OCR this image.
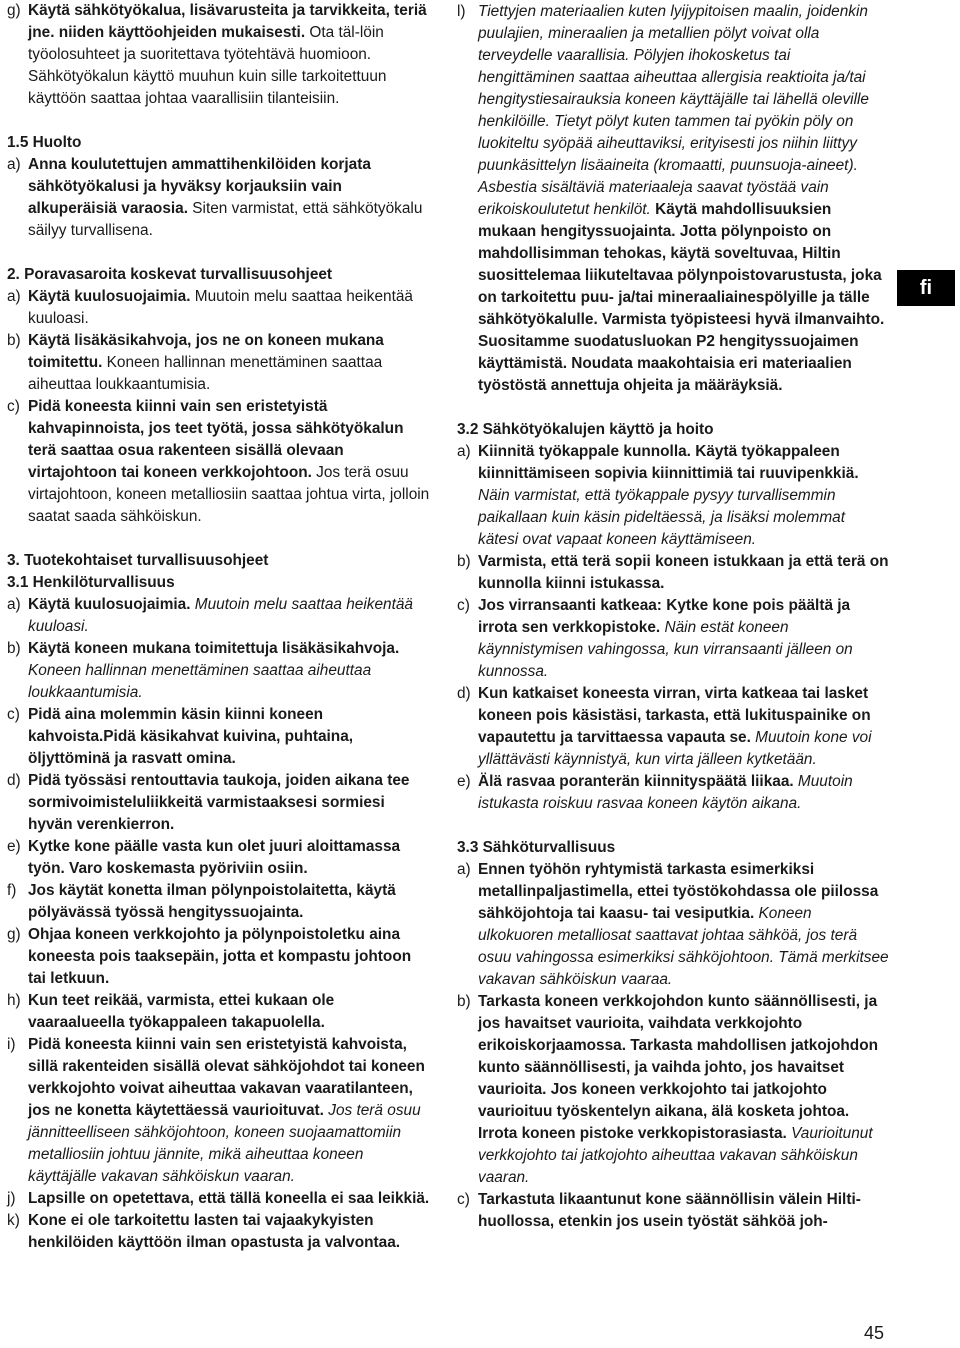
g) Käytä sähkötyökalua, lisävarusteita ja tarvikkeita, teriä jne. niiden käyttöohjeiden mukaisesti. Ota täl-löin työolosuhteet ja suoritettava työtehtävä huomioon. Sähkötyökalun käyttö muuhun kuin sille tarkoitettuun käyttöön saattaa johtaa vaarallisiin tilanteisiin.

1.5 Huolto

a) Anna koulutettujen ammattihenkilöiden korjata sähkötyökalusi ja hyväksy korjauksiin vain alkuperäisiä varaosia. Siten varmistat, että sähkötyökalu säilyy turvallisena.

2. Poravasaroita koskevat turvallisuusohjeet

a) Käytä kuulosuojaimia. Muutoin melu saattaa heikentää kuuloasi.
b) Käytä lisäkäsikahvoja, jos ne on koneen mukana toimitettu. Koneen hallinnan menettäminen saattaa aiheuttaa loukkaantumisia.
c) Pidä koneesta kiinni vain sen eristetyistä kahvapinnoista, jos teet työtä, jossa sähkötyökalun terä saattaa osua rakenteen sisällä olevaan virtajohtoon tai koneen verkkojohtoon. Jos terä osuu virtajohtoon, koneen metalliosiin saattaa johtua virta, jolloin saatat saada sähköiskun.

3. Tuotekohtaiset turvallisuusohjeet

3.1 Henkilöturvallisuus

a) Käytä kuulosuojaimia. Muutoin melu saattaa heikentää kuuloasi.
b) Käytä koneen mukana toimitettuja lisäkäsikahvoja. Koneen hallinnan menettäminen saattaa aiheuttaa loukkaantumisia.
c) Pidä aina molemmin käsin kiinni koneen kahvoista.Pidä käsikahvat kuivina, puhtaina, öljyttöminä ja rasvatt omina.
d) Pidä työssäsi rentouttavia taukoja, joiden aikana tee sormivoimisteluliikkeitä varmistaaksesi sormiesi hyvän verenkierron.
e) Kytke kone päälle vasta kun olet juuri aloittamassa työn. Varo koskemasta pyöriviin osiin.
f) Jos käytät konetta ilman pölynpoistolaitetta, käytä pölyävässä työssä hengityssuojainta.
g) Ohjaa koneen verkkojohto ja pölynpoistoletku aina koneesta pois taaksepäin, jotta et kompastu johtoon tai letkuun.
h) Kun teet reikää, varmista, ettei kukaan ole vaaraalueella työkappaleen takapuolella.
i) Pidä koneesta kiinni vain sen eristetyistä kahvoista, sillä rakenteiden sisällä olevat sähköjohdot tai koneen verkkojohto voivat aiheuttaa vakavan vaaratilanteen, jos ne konetta käytettäessä vaurioituvat. Jos terä osuu jännitteelliseen sähköjohtoon, koneen suojaamattomiin metalliosiin johtuu jännite, mikä aiheuttaa koneen käyttäjälle vakavan sähköiskun vaaran.
j) Lapsille on opetettava, että tällä koneella ei saa leikkiä.
k) Kone ei ole tarkoitettu lasten tai vajaakykyisten henkilöiden käyttöön ilman opastusta ja valvontaa.
l) Tiettyjen materiaalien kuten lyijypitoisen maalin, joidenkin puulajien, mineraalien ja metallien pölyt voivat olla terveydelle vaarallisia. Pölyjen ihokosketus tai hengittäminen saattaa aiheuttaa allergisia reaktioita ja/tai hengitystiesairauksia koneen käyttäjälle tai lähellä oleville henkilöille. Tietyt pölyt kuten tammen tai pyökin pöly on luokiteltu syöpää aiheuttaviksi, erityisesti jos niihin liittyy puunkäsittelyn lisäaineita (kromaatti, puunsuoja-aineet). Asbestia sisältäviä materiaaleja saavat työstää vain erikoiskoulutetut henkilöt. Käytä mahdollisuuksien mukaan hengityssuojainta. Jotta pölynpoisto on mahdollisimman tehokas, käytä soveltuvaa, Hiltin suosittelemaa liikuteltavaa pölynpoistovarustusta, joka on tarkoitettu puu- ja/tai mineraaliainespölyille ja tälle sähkötyökalulle. Varmista työpisteesi hyvä ilmanvaihto. Suositamme suodatusluokan P2 hengityssuojaimen käyttämistä. Noudata maakohtaisia eri materiaalien työstöstä annettuja ohjeita ja määräyksiä.

3.2 Sähkötyökalujen käyttö ja hoito

a) Kiinnitä työkappale kunnolla. Käytä työkappaleen kiinnittämiseen sopivia kiinnittimiä tai ruuvipenkkiä. Näin varmistat, että työkappale pysyy turvallisemmin paikallaan kuin käsin pideltäessä, ja lisäksi molemmat kätesi ovat vapaat koneen käyttämiseen.
b) Varmista, että terä sopii koneen istukkaan ja että terä on kunnolla kiinni istukassa.
c) Jos virransaanti katkeaa: Kytke kone pois päältä ja irrota sen verkkopistoke. Näin estät koneen käynnistymisen vahingossa, kun virransaanti jälleen on kunnossa.
d) Kun katkaiset koneesta virran, virta katkeaa tai lasket koneen pois käsistäsi, tarkasta, että lukituspainike on vapautettu ja tarvittaessa vapauta se. Muutoin kone voi yllättävästi käynnistyä, kun virta jälleen kytketään.
e) Älä rasvaa poranterän kiinnityspäätä liikaa. Muutoin istukasta roiskuu rasvaa koneen käytön aikana.

3.3 Sähköturvallisuus

a) Ennen työhön ryhtymistä tarkasta esimerkiksi metallinpaljastimella, ettei työstökohdassa ole piilossa sähköjohtoja tai kaasu- tai vesiputkia. Koneen ulkokuoren metalliosat saattavat johtaa sähköä, jos terä osuu vahingossa esimerkiksi sähköjohtoon. Tämä merkitsee vakavan sähköiskun vaaraa.
b) Tarkasta koneen verkkojohdon kunto säännöllisesti, ja jos havaitset vaurioita, vaihdata verkkojohto erikoiskorjaamossa. Tarkasta mahdollisen jatkojohdon kunto säännöllisesti, ja vaihda johto, jos havaitset vaurioita. Jos koneen verkkojohto tai jatkojohto vaurioituu työskentelyn aikana, älä kosketa johtoa. Irrota koneen pistoke verkkopistorasiasta. Vaurioitunut verkkojohto tai jatkojohto aiheuttaa vakavan sähköiskun vaaran.
c) Tarkastuta likaantunut kone säännöllisin välein Hilti-huollossa, etenkin jos usein työstät sähköä joh-
fi
45
